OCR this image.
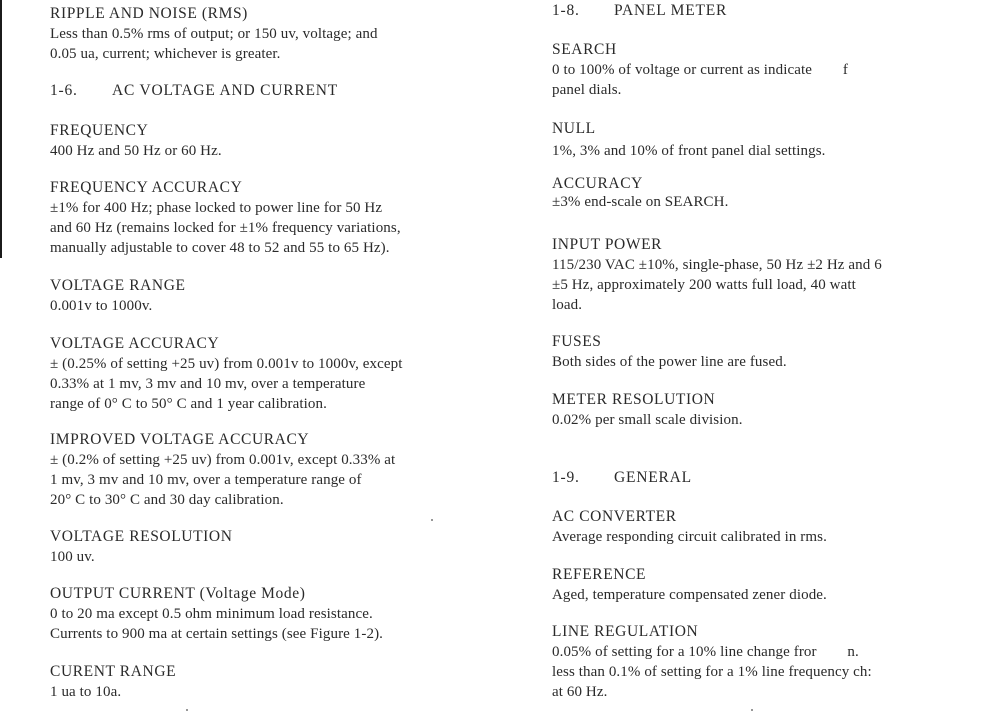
RIPPLE AND NOISE (RMS)
Less than 0.5% rms of output; or 150 uv, voltage; and
0.05 ua, current; whichever is greater.
1-6. AC VOLTAGE AND CURRENT
FREQUENCY
400 Hz and 50 Hz or 60 Hz.
FREQUENCY ACCURACY
±1% for 400 Hz; phase locked to power line for 50 Hz
and 60 Hz (remains locked for ±1% frequency variations,
manually adjustable to cover 48 to 52 and 55 to 65 Hz).
VOLTAGE RANGE
0.001v to 1000v.
VOLTAGE ACCURACY
± (0.25% of setting +25 uv) from 0.001v to 1000v, except
0.33% at 1 mv, 3 mv and 10 mv, over a temperature
range of 0° C to 50° C and 1 year calibration.
IMPROVED VOLTAGE ACCURACY
± (0.2% of setting +25 uv) from 0.001v, except 0.33% at
1 mv, 3 mv and 10 mv, over a temperature range of
20° C to 30° C and 30 day calibration.
VOLTAGE RESOLUTION
100 uv.
OUTPUT CURRENT (Voltage Mode)
0 to 20 ma except 0.5 ohm minimum load resistance.
Currents to 900 ma at certain settings (see Figure 1-2).
CURENT RANGE
1 ua to 10a.
1-8. PANEL METER
SEARCH
0 to 100% of voltage or current as indicate        f
panel dials.
NULL
1%, 3% and 10% of front panel dial settings.
ACCURACY
±3% end-scale on SEARCH.
INPUT POWER
115/230 VAC ±10%, single-phase, 50 Hz ±2 Hz and 6
±5 Hz, approximately 200 watts full load, 40 watt
load.
FUSES
Both sides of the power line are fused.
METER RESOLUTION
0.02% per small scale division.
1-9. GENERAL
AC CONVERTER
Average responding circuit calibrated in rms.
REFERENCE
Aged, temperature compensated zener diode.
LINE REGULATION
0.05% of setting for a 10% line change fror        n.
less than 0.1% of setting for a 1% line frequency ch:
at 60 Hz.
